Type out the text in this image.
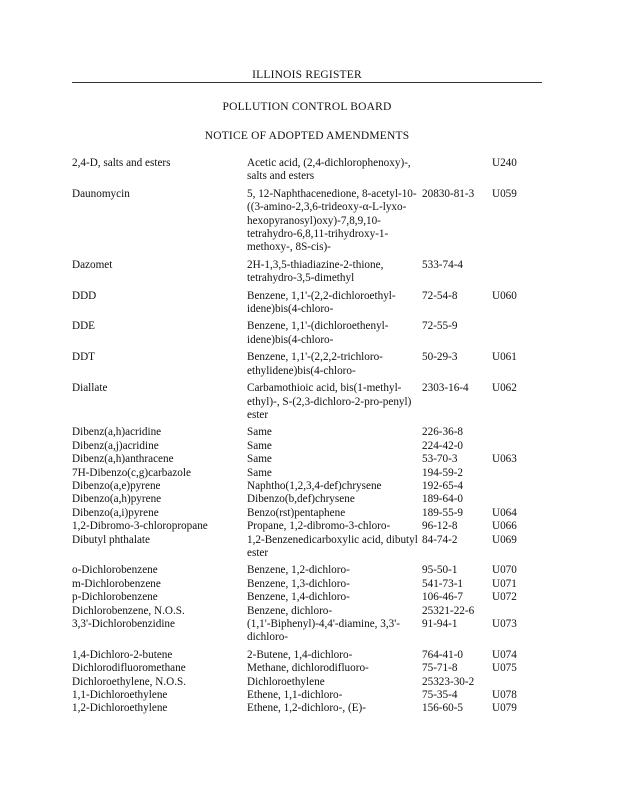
ILLINOIS REGISTER
POLLUTION CONTROL BOARD
NOTICE OF ADOPTED AMENDMENTS
2,4-D, salts and esters	Acetic acid, (2,4-dichlorophenoxy)-, salts and esters		U240
Daunomycin	5, 12-Naphthacenedione, 8-acetyl-10-((3-amino-2,3,6-trideoxy-α-L-lyxo-hexopyranosyl)oxy)-7,8,9,10-tetrahydro-6,8,11-trihydroxy-1-methoxy-, 8S-cis)-	20830-81-3	U059
Dazomet	2H-1,3,5-thiadiazine-2-thione, tetrahydro-3,5-dimethyl	533-74-4	
DDD	Benzene, 1,1'-(2,2-dichloroethyl-idene)bis(4-chloro-	72-54-8	U060
DDE	Benzene, 1,1'-(dichloroethenyl-idene)bis(4-chloro-	72-55-9	
DDT	Benzene, 1,1'-(2,2,2-trichloro-ethylidene)bis(4-chloro-	50-29-3	U061
Diallate	Carbamothioic acid, bis(1-methyl-ethyl)-, S-(2,3-dichloro-2-pro-penyl) ester	2303-16-4	U062
Dibenz(a,h)acridine	Same	226-36-8	
Dibenz(a,j)acridine	Same	224-42-0	
Dibenz(a,h)anthracene	Same	53-70-3	U063
7H-Dibenzo(c,g)carbazole	Same	194-59-2	
Dibenzo(a,e)pyrene	Naphtho(1,2,3,4-def)chrysene	192-65-4	
Dibenzo(a,h)pyrene	Dibenzo(b,def)chrysene	189-64-0	
Dibenzo(a,i)pyrene	Benzo(rst)pentaphene	189-55-9	U064
1,2-Dibromo-3-chloropropane	Propane, 1,2-dibromo-3-chloro-	96-12-8	U066
Dibutyl phthalate	1,2-Benzenedicarboxylic acid, dibutyl ester	84-74-2	U069
o-Dichlorobenzene	Benzene, 1,2-dichloro-	95-50-1	U070
m-Dichlorobenzene	Benzene, 1,3-dichloro-	541-73-1	U071
p-Dichlorobenzene	Benzene, 1,4-dichloro-	106-46-7	U072
Dichlorobenzene, N.O.S.	Benzene, dichloro-	25321-22-6	
3,3'-Dichlorobenzidine	(1,1'-Biphenyl)-4,4'-diamine, 3,3'-dichloro-	91-94-1	U073
1,4-Dichloro-2-butene	2-Butene, 1,4-dichloro-	764-41-0	U074
Dichlorodifluoromethane	Methane, dichlorodifluoro-	75-71-8	U075
Dichloroethylene, N.O.S.	Dichloroethylene	25323-30-2	
1,1-Dichloroethylene	Ethene, 1,1-dichloro-	75-35-4	U078
1,2-Dichloroethylene	Ethene, 1,2-dichloro-, (E)-	156-60-5	U079
